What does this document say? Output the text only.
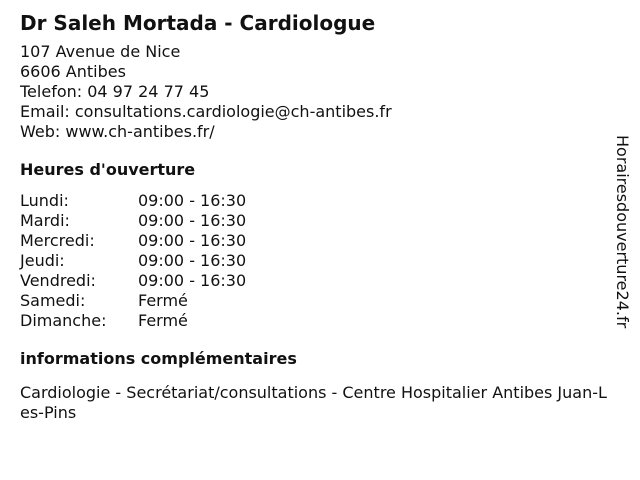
Dr Saleh Mortada - Cardiologue
107 Avenue de Nice
6606 Antibes
Telefon: 04 97 24 77 45
Email: consultations.cardiologie@ch-antibes.fr
Web: www.ch-antibes.fr/
Heures d'ouverture
Lundi:	09:00 - 16:30
Mardi:	09:00 - 16:30
Mercredi:	09:00 - 16:30
Jeudi:	09:00 - 16:30
Vendredi:	09:00 - 16:30
Samedi:	Fermé
Dimanche:	Fermé
informations complémentaires
Cardiologie - Secrétariat/consultations - Centre Hospitalier Antibes Juan-Les-Pins
Horairesdouverture24.fr
